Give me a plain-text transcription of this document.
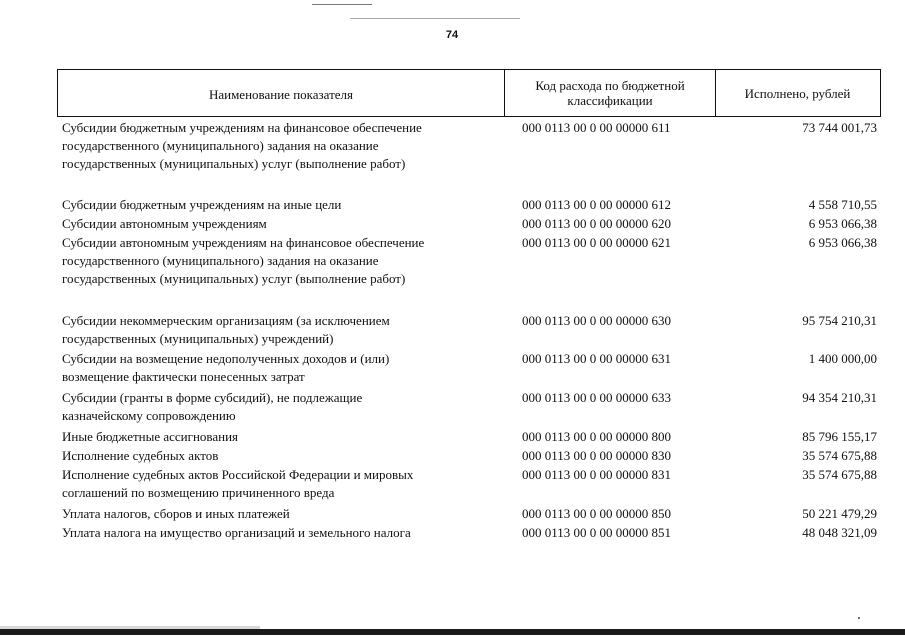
74
Наименование показателя
Код расхода по бюджетной классификации	Исполнено, рублей
Субсидии бюджетным учреждениям на финансовое обеспечение
государственного (муниципального) задания на оказание
государственных (муниципальных) услуг (выполнение работ)
000 0113 00 0 00 00000 611	73 744 001,73
Субсидии бюджетным учреждениям на иные цели	000 0113 00 0 00 00000 612	4 558 710,55
Субсидии автономным учреждениям	000 0113 00 0 00 00000 620	6 953 066,38
Субсидии автономным учреждениям на финансовое обеспечение
государственного (муниципального) задания на оказание
государственных (муниципальных) услуг (выполнение работ)
000 0113 00 0 00 00000 621	6 953 066,38
Субсидии некоммерческим организациям (за исключением
государственных (муниципальных) учреждений)
000 0113 00 0 00 00000 630	95 754 210,31
Субсидии на возмещение недополученных доходов и (или)
возмещение фактически понесенных затрат
000 0113 00 0 00 00000 631	1 400 000,00
Субсидии (гранты в форме субсидий), не подлежащие
казначейскому сопровождению
000 0113 00 0 00 00000 633	94 354 210,31
Иные бюджетные ассигнования	000 0113 00 0 00 00000 800	85 796 155,17
Исполнение судебных актов	000 0113 00 0 00 00000 830	35 574 675,88
Исполнение судебных актов Российской Федерации и мировых
соглашений по возмещению причиненного вреда
000 0113 00 0 00 00000 831	35 574 675,88
Уплата налогов, сборов и иных платежей	000 0113 00 0 00 00000 850	50 221 479,29
Уплата налога на имущество организаций и земельного налога	000 0113 00 0 00 00000 851	48 048 321,09
